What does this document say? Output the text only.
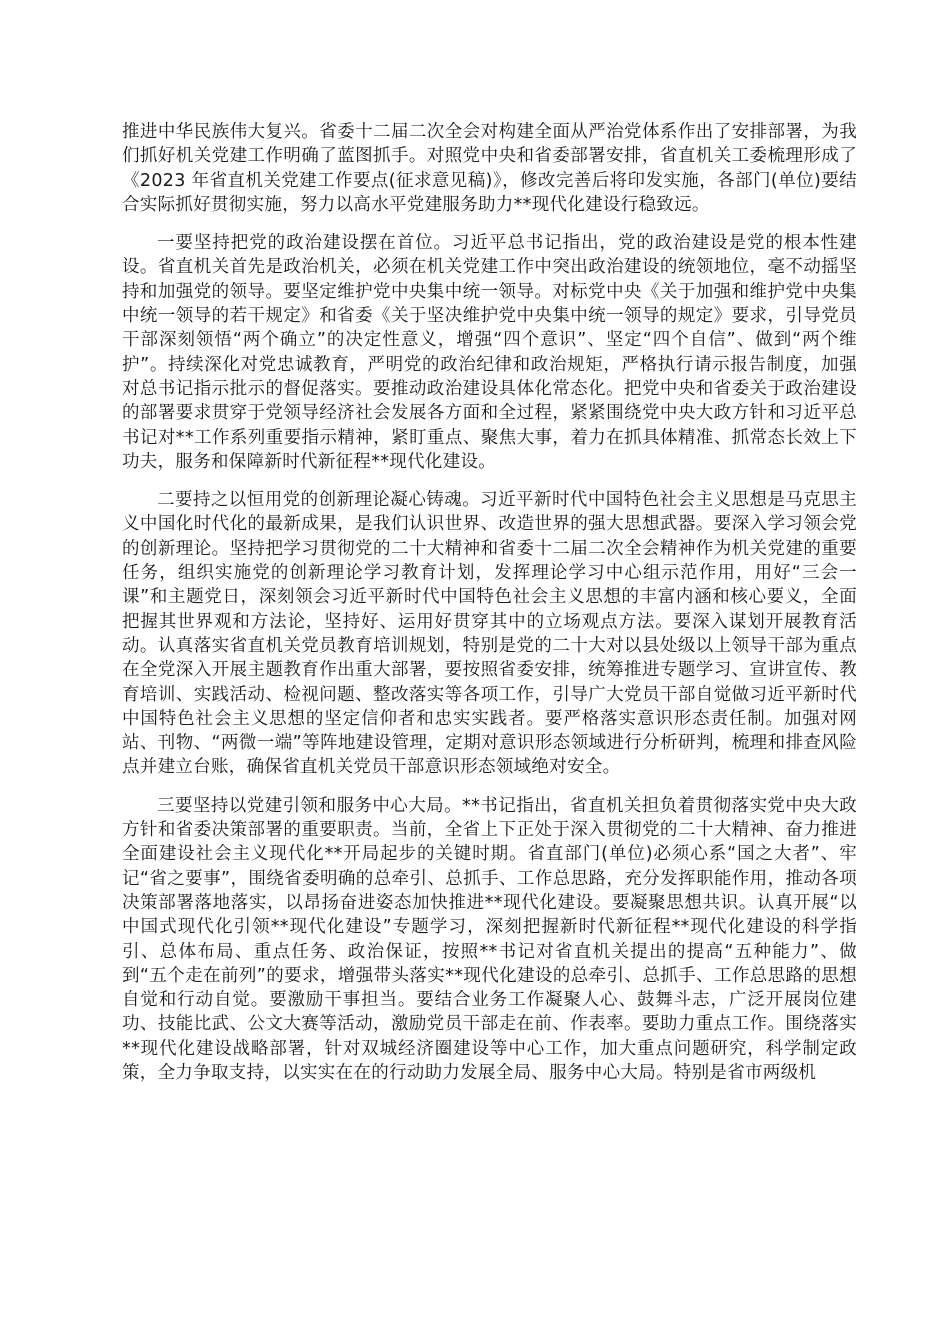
推进中华民族伟大复兴。省委十二届二次全会对构建全面从严治党体系作出了安排部署，为我们抓好机关党建工作明确了蓝图抓手。对照党中央和省委部署安排，省直机关工委梳理形成了《2023 年省直机关党建工作要点(征求意见稿)》，修改完善后将印发实施，各部门(单位)要结合实际抓好贯彻实施，努力以高水平党建服务助力**现代化建设行稳致远。

一要坚持把党的政治建设摆在首位。习近平总书记指出，党的政治建设是党的根本性建设。省直机关首先是政治机关，必须在机关党建工作中突出政治建设的统领地位，毫不动摇坚持和加强党的领导。要坚定维护党中央集中统一领导。对标党中央《关于加强和维护党中央集中统一领导的若干规定》和省委《关于坚决维护党中央集中统一领导的规定》要求，引导党员干部深刻领悟“两个确立”的决定性意义，增强“四个意识”、坚定“四个自信”、做到“两个维护”。持续深化对党忠诚教育，严明党的政治纪律和政治规矩，严格执行请示报告制度，加强对总书记指示批示的督促落实。要推动政治建设具体化常态化。把党中央和省委关于政治建设的部署要求贯穿于党领导经济社会发展各方面和全过程，紧紧围绕党中央大政方针和习近平总书记对**工作系列重要指示精神，紧盯重点、聚焦大事，着力在抓具体精准、抓常态长效上下功夫，服务和保障新时代新征程**现代化建设。

二要持之以恒用党的创新理论凝心铸魂。习近平新时代中国特色社会主义思想是马克思主义中国化时代化的最新成果，是我们认识世界、改造世界的强大思想武器。要深入学习领会党的创新理论。坚持把学习贯彻党的二十大精神和省委十二届二次全会精神作为机关党建的重要任务，组织实施党的创新理论学习教育计划，发挥理论学习中心组示范作用，用好“三会一课”和主题党日，深刻领会习近平新时代中国特色社会主义思想的丰富内涵和核心要义，全面把握其世界观和方法论，坚持好、运用好贯穿其中的立场观点方法。要深入谋划开展教育活动。认真落实省直机关党员教育培训规划，特别是党的二十大对以县处级以上领导干部为重点在全党深入开展主题教育作出重大部署，要按照省委安排，统筹推进专题学习、宣讲宣传、教育培训、实践活动、检视问题、整改落实等各项工作，引导广大党员干部自觉做习近平新时代中国特色社会主义思想的坚定信仰者和忠实实践者。要严格落实意识形态责任制。加强对网站、刊物、“两微一端”等阵地建设管理，定期对意识形态领域进行分析研判，梳理和排查风险点并建立台账，确保省直机关党员干部意识形态领域绝对安全。

三要坚持以党建引领和服务中心大局。**书记指出，省直机关担负着贯彻落实党中央大政方针和省委决策部署的重要职责。当前，全省上下正处于深入贯彻党的二十大精神、奋力推进全面建设社会主义现代化**开局起步的关键时期。省直部门(单位)必须心系“国之大者”、牢记“省之要事”，围绕省委明确的总牵引、总抓手、工作总思路，充分发挥职能作用，推动各项决策部署落地落实，以昂扬奋进姿态加快推进**现代化建设。要凝聚思想共识。认真开展“以中国式现代化引领**现代化建设”专题学习，深刻把握新时代新征程**现代化建设的科学指引、总体布局、重点任务、政治保证，按照**书记对省直机关提出的提高“五种能力”、做到“五个走在前列”的要求，增强带头落实**现代化建设的总牵引、总抓手、工作总思路的思想自觉和行动自觉。要激励干事担当。要结合业务工作凝聚人心、鼓舞斗志，广泛开展岗位建功、技能比武、公文大赛等活动，激励党员干部走在前、作表率。要助力重点工作。围绕落实**现代化建设战略部署，针对双城经济圈建设等中心工作，加大重点问题研究，科学制定政策，全力争取支持，以实实在在的行动助力发展全局、服务中心大局。特别是省市两级机
